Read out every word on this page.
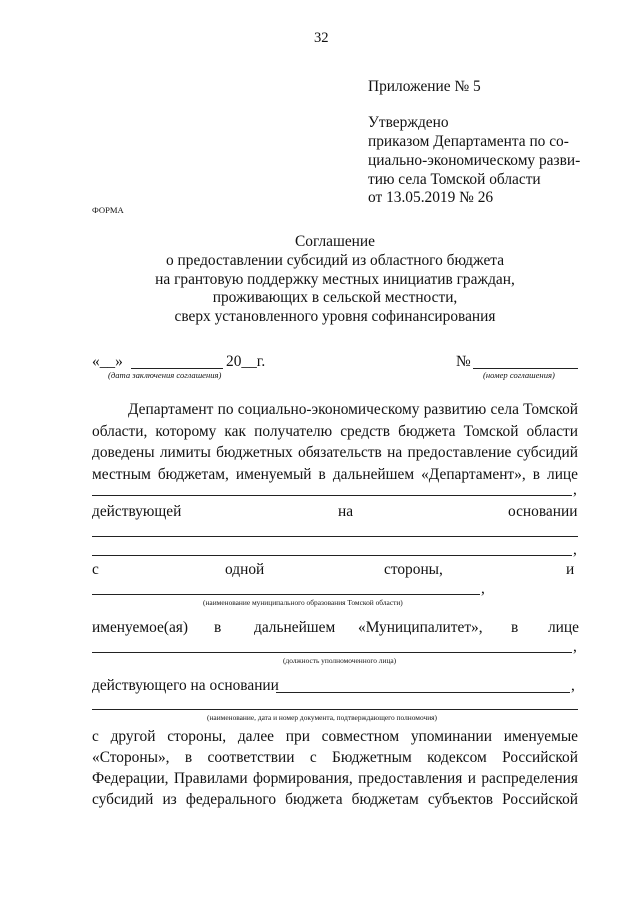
32
Приложение № 5
Утверждено
приказом Департамента по со-
циально-экономическому разви-
тию села Томской области
от 13.05.2019 № 26
ФОРМА
Соглашение
о предоставлении субсидий из областного бюджета
на грантовую поддержку местных инициатив граждан,
проживающих в сельской местности,
сверх установленного уровня софинансирования
«__»	20__г.
(дата заключения соглашения)
№
(номер соглашения)
Департамент по социально-экономическому развитию села Томской
области, которому как получателю средств бюджета Томской области
доведены лимиты бюджетных обязательств на предоставление субсидий
местным бюджетам, именуемый в дальнейшем «Департамент», в лице
,
действующей	на	основании
,
с	одной	стороны,	и
,
(наименование муниципального образования Томской области)
именуемое(ая) в дальнейшем «Муниципалитет», в лице
,
(должность уполномоченного лица)
действующего на основании	,
(наименование, дата и номер документа, подтверждающего полномочия)
с другой стороны, далее при совместном упоминании именуемые
«Стороны», в соответствии с Бюджетным кодексом Российской
Федерации, Правилами формирования, предоставления и распределения
субсидий из федерального бюджета бюджетам субъектов Российской
